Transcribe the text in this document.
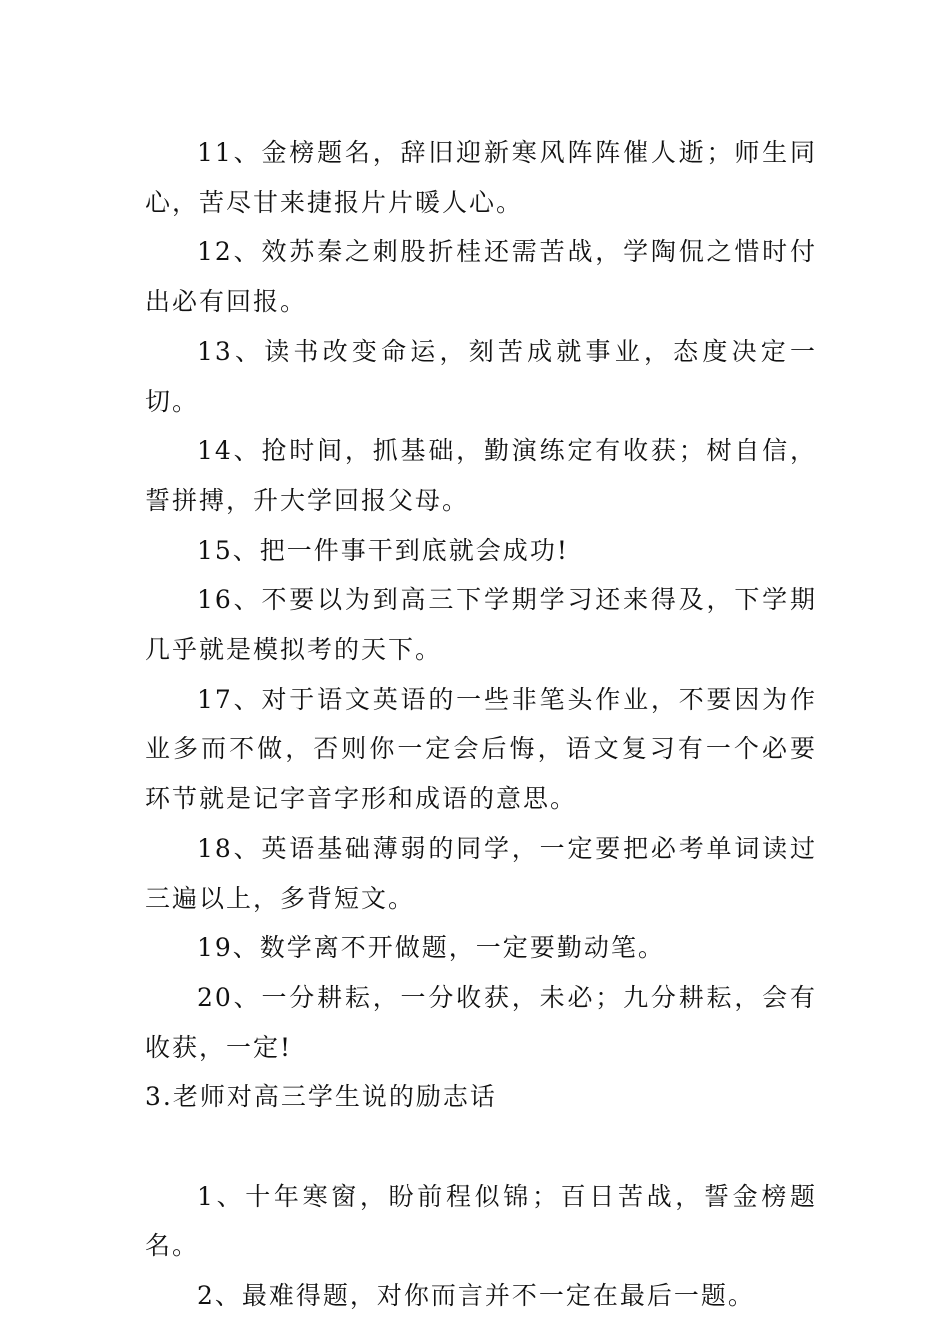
11、金榜题名，辞旧迎新寒风阵阵催人逝；师生同心，苦尽甘来捷报片片暖人心。

12、效苏秦之刺股折桂还需苦战，学陶侃之惜时付出必有回报。

13、读书改变命运，刻苦成就事业，态度决定一切。

14、抢时间，抓基础，勤演练定有收获；树自信，誓拼搏，升大学回报父母。

15、把一件事干到底就会成功!

16、不要以为到高三下学期学习还来得及，下学期几乎就是模拟考的天下。

17、对于语文英语的一些非笔头作业，不要因为作业多而不做，否则你一定会后悔，语文复习有一个必要环节就是记字音字形和成语的意思。

18、英语基础薄弱的同学，一定要把必考单词读过三遍以上，多背短文。

19、数学离不开做题，一定要勤动笔。

20、一分耕耘，一分收获，未必；九分耕耘，会有收获，一定!

3.老师对高三学生说的励志话

1、十年寒窗，盼前程似锦；百日苦战，誓金榜题名。

2、最难得题，对你而言并不一定在最后一题。
